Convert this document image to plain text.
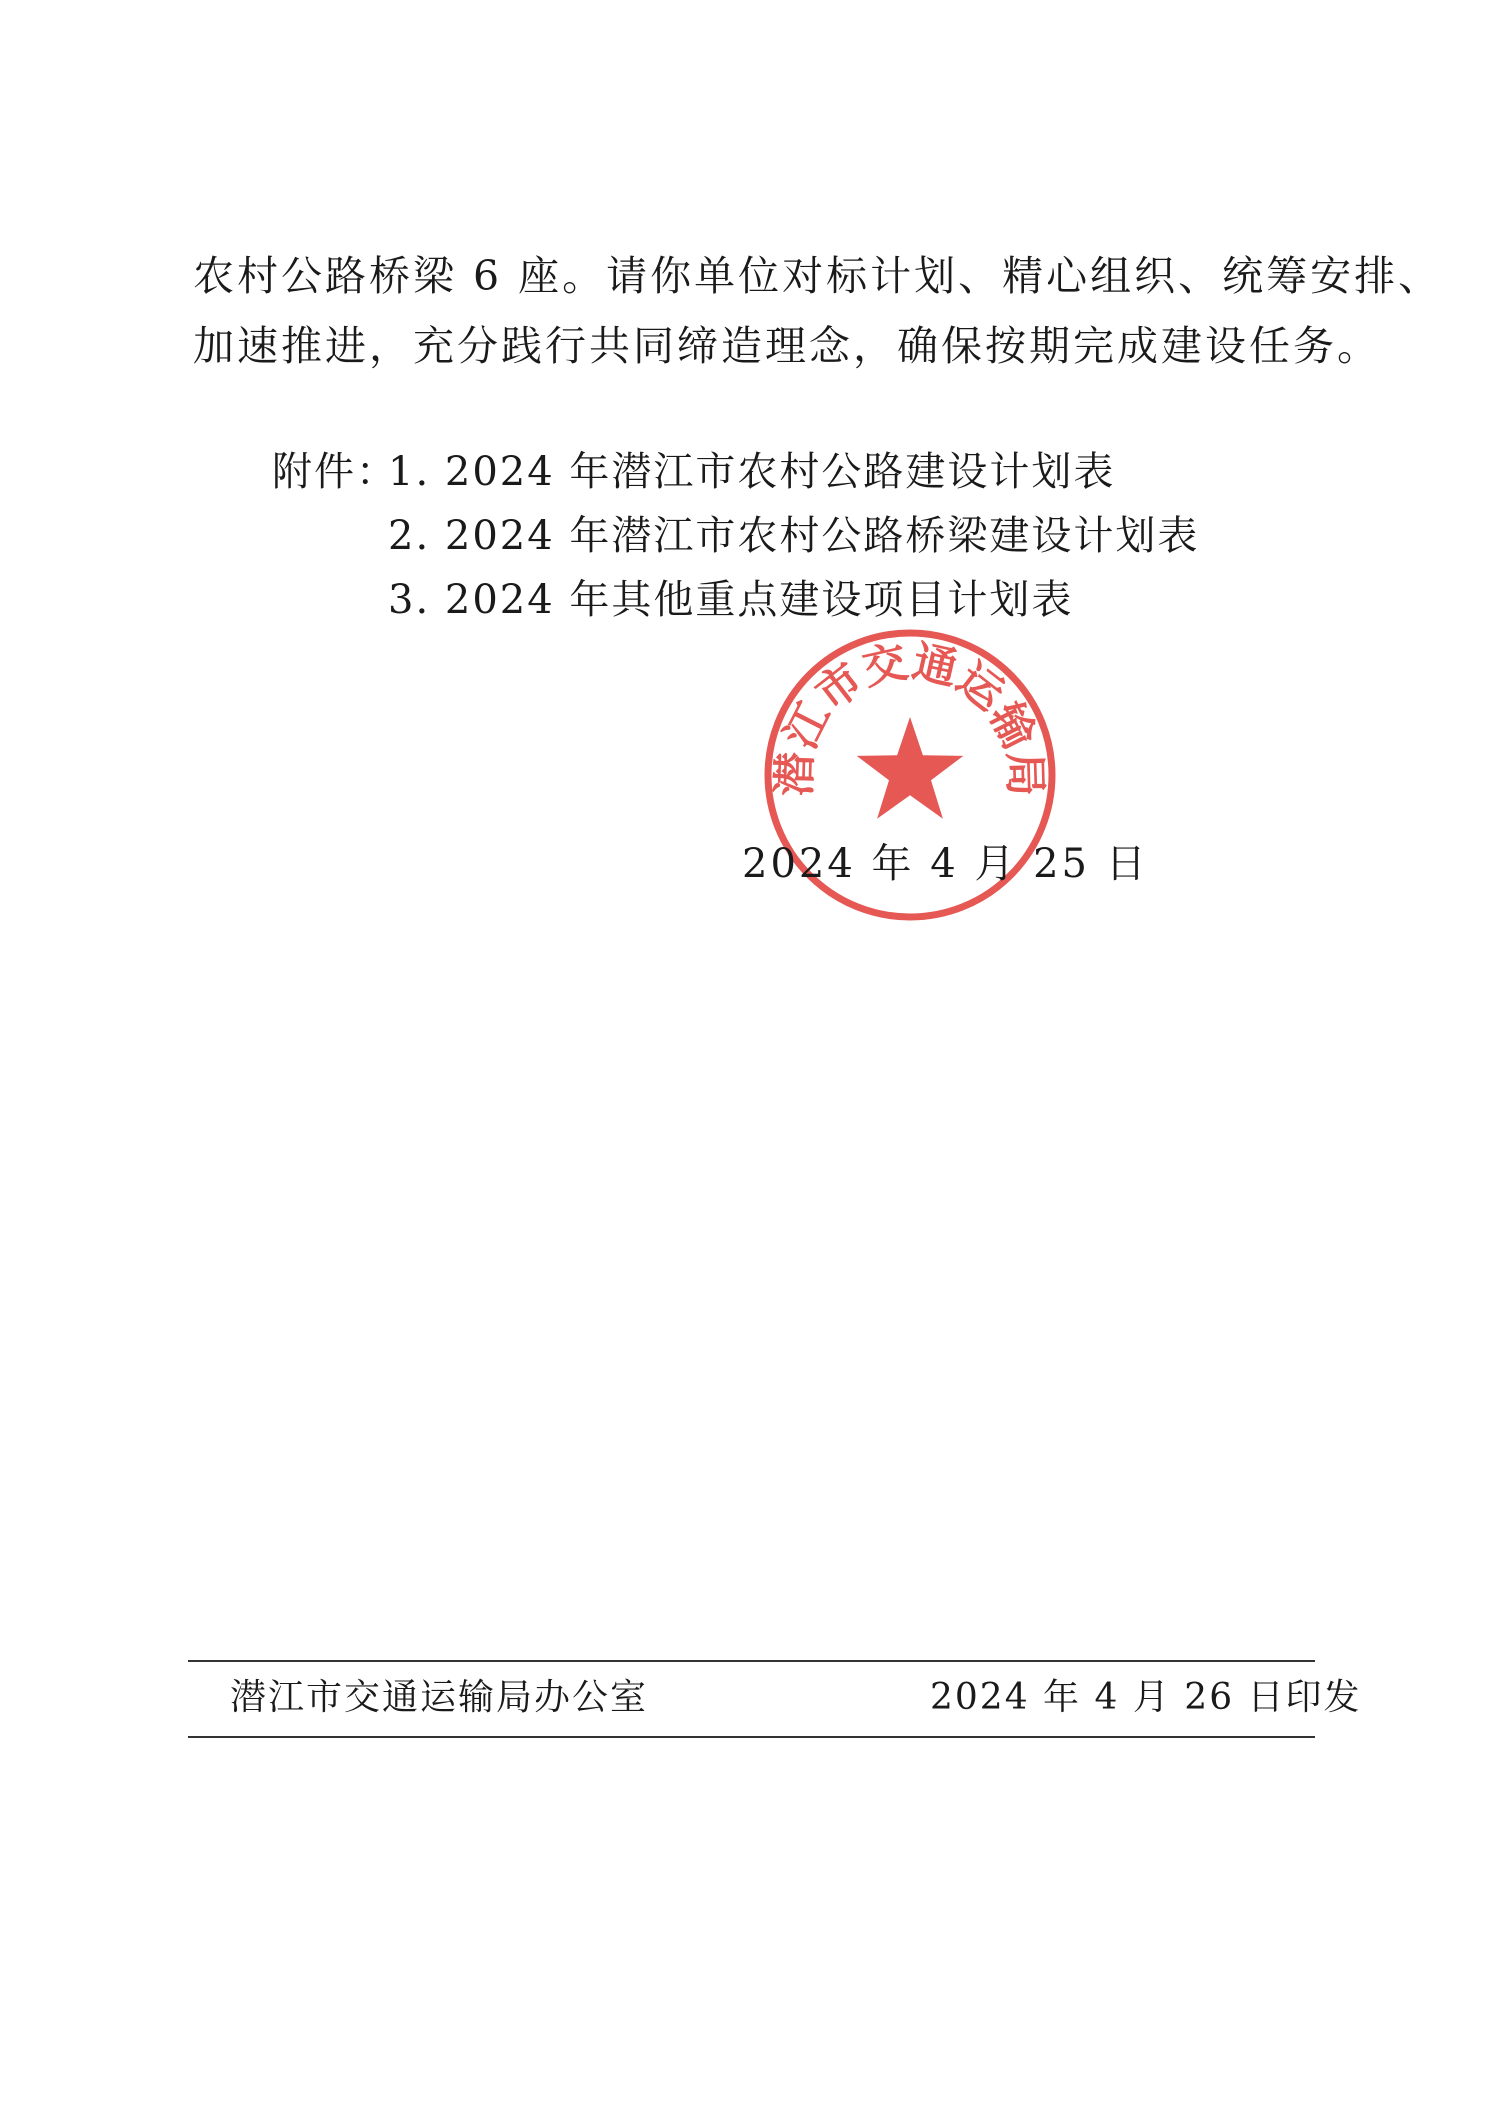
农村公路桥梁 6 座。请你单位对标计划、精心组织、统筹安排、
加速推进，充分践行共同缔造理念，确保按期完成建设任务。
附件：
1. 2024 年潜江市农村公路建设计划表
2. 2024 年潜江市农村公路桥梁建设计划表
3. 2024 年其他重点建设项目计划表
潜江市交通运输局
2024 年 4 月 25 日
潜江市交通运输局办公室	2024 年 4 月 26 日印发
